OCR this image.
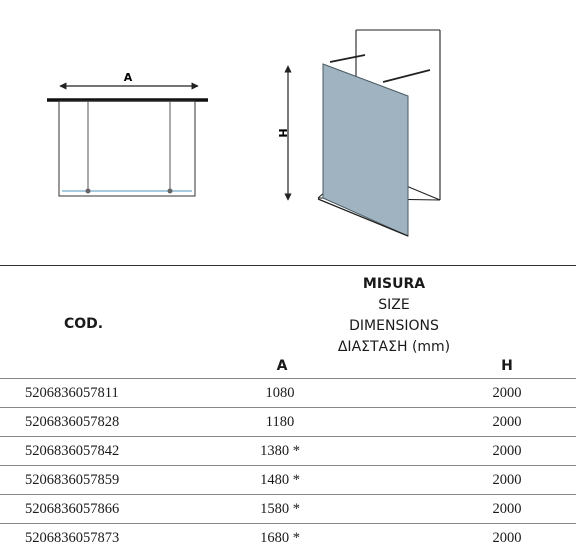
A
H
COD.
MISURA
SIZE
DIMENSIONS
ΔΙΑΣΤΑΣΗ (mm)
A	H
5206836057811	1080	2000
5206836057828	1180	2000
5206836057842	1380 *	2000
5206836057859	1480 *	2000
5206836057866	1580 *	2000
5206836057873	1680 *	2000
